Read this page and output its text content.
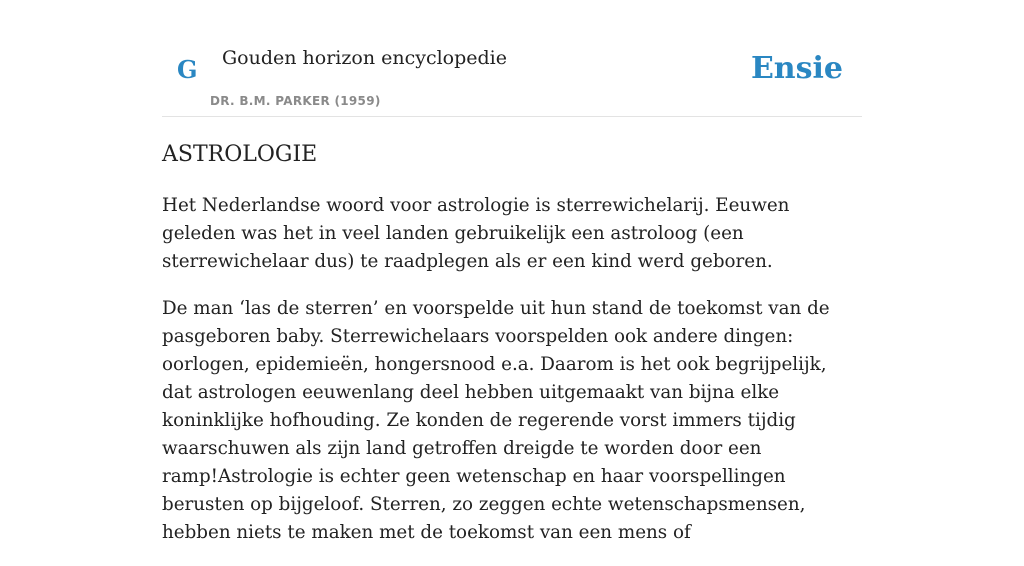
G Gouden horizon encyclopedie
DR. B.M. PARKER (1959)
Ensie
ASTROLOGIE

Het Nederlandse woord voor astrologie is sterrewichelarij. Eeuwen geleden was het in veel landen gebruikelijk een astroloog (een sterrewichelaar dus) te raadplegen als er een kind werd geboren.

De man ‘las de sterren’ en voorspelde uit hun stand de toekomst van de pasgeboren baby. Sterrewichelaars voorspelden ook andere dingen: oorlogen, epidemieën, hongersnood e.a. Daarom is het ook begrijpelijk, dat astrologen eeuwenlang deel hebben uitgemaakt van bijna elke koninklijke hofhouding. Ze konden de regerende vorst immers tijdig waarschuwen als zijn land getroffen dreigde te worden door een ramp!Astrologie is echter geen wetenschap en haar voorspellingen berusten op bijgeloof. Sterren, zo zeggen echte wetenschapsmensen, hebben niets te maken met de toekomst van een mens of
